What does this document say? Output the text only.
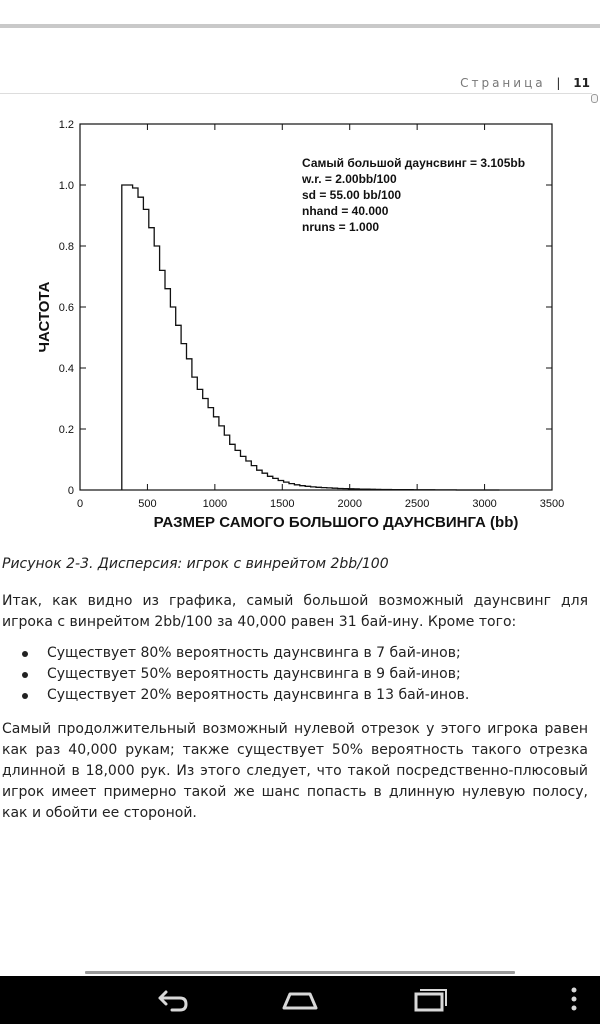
Страница | 11
0	500	1000	1500	2000	2500	3000	3500
0
0.2
0.4
0.6
0.8
1.0
1.2
РАЗМЕР САМОГО БОЛЬШОГО ДАУНСВИНГА (bb)
ЧАСТОТА
Самый большой даунсвинг = 3.105bb
w.r. = 2.00bb/100
sd = 55.00 bb/100
nhand = 40.000
nruns = 1.000
Рисунок 2-3. Дисперсия: игрок с винрейтом 2bb/100
Итак, как видно из графика, самый большой возможный даунсвинг для игрока с винрейтом 2bb/100 за 40,000 равен 31 бай-ину. Кроме того:
Существует 80% вероятность даунсвинга в 7 бай-инов;
Существует 50% вероятность даунсвинга в 9 бай-инов;
Существует 20% вероятность даунсвинга в 13 бай-инов.
Самый продолжительный возможный нулевой отрезок у этого игрока равен как раз 40,000 рукам; также существует 50% вероятность такого отрезка длинной в 18,000 рук. Из этого следует, что такой посредственно-плюсовый игрок имеет примерно такой же шанс попасть в длинную нулевую полосу, как и обойти ее стороной.
